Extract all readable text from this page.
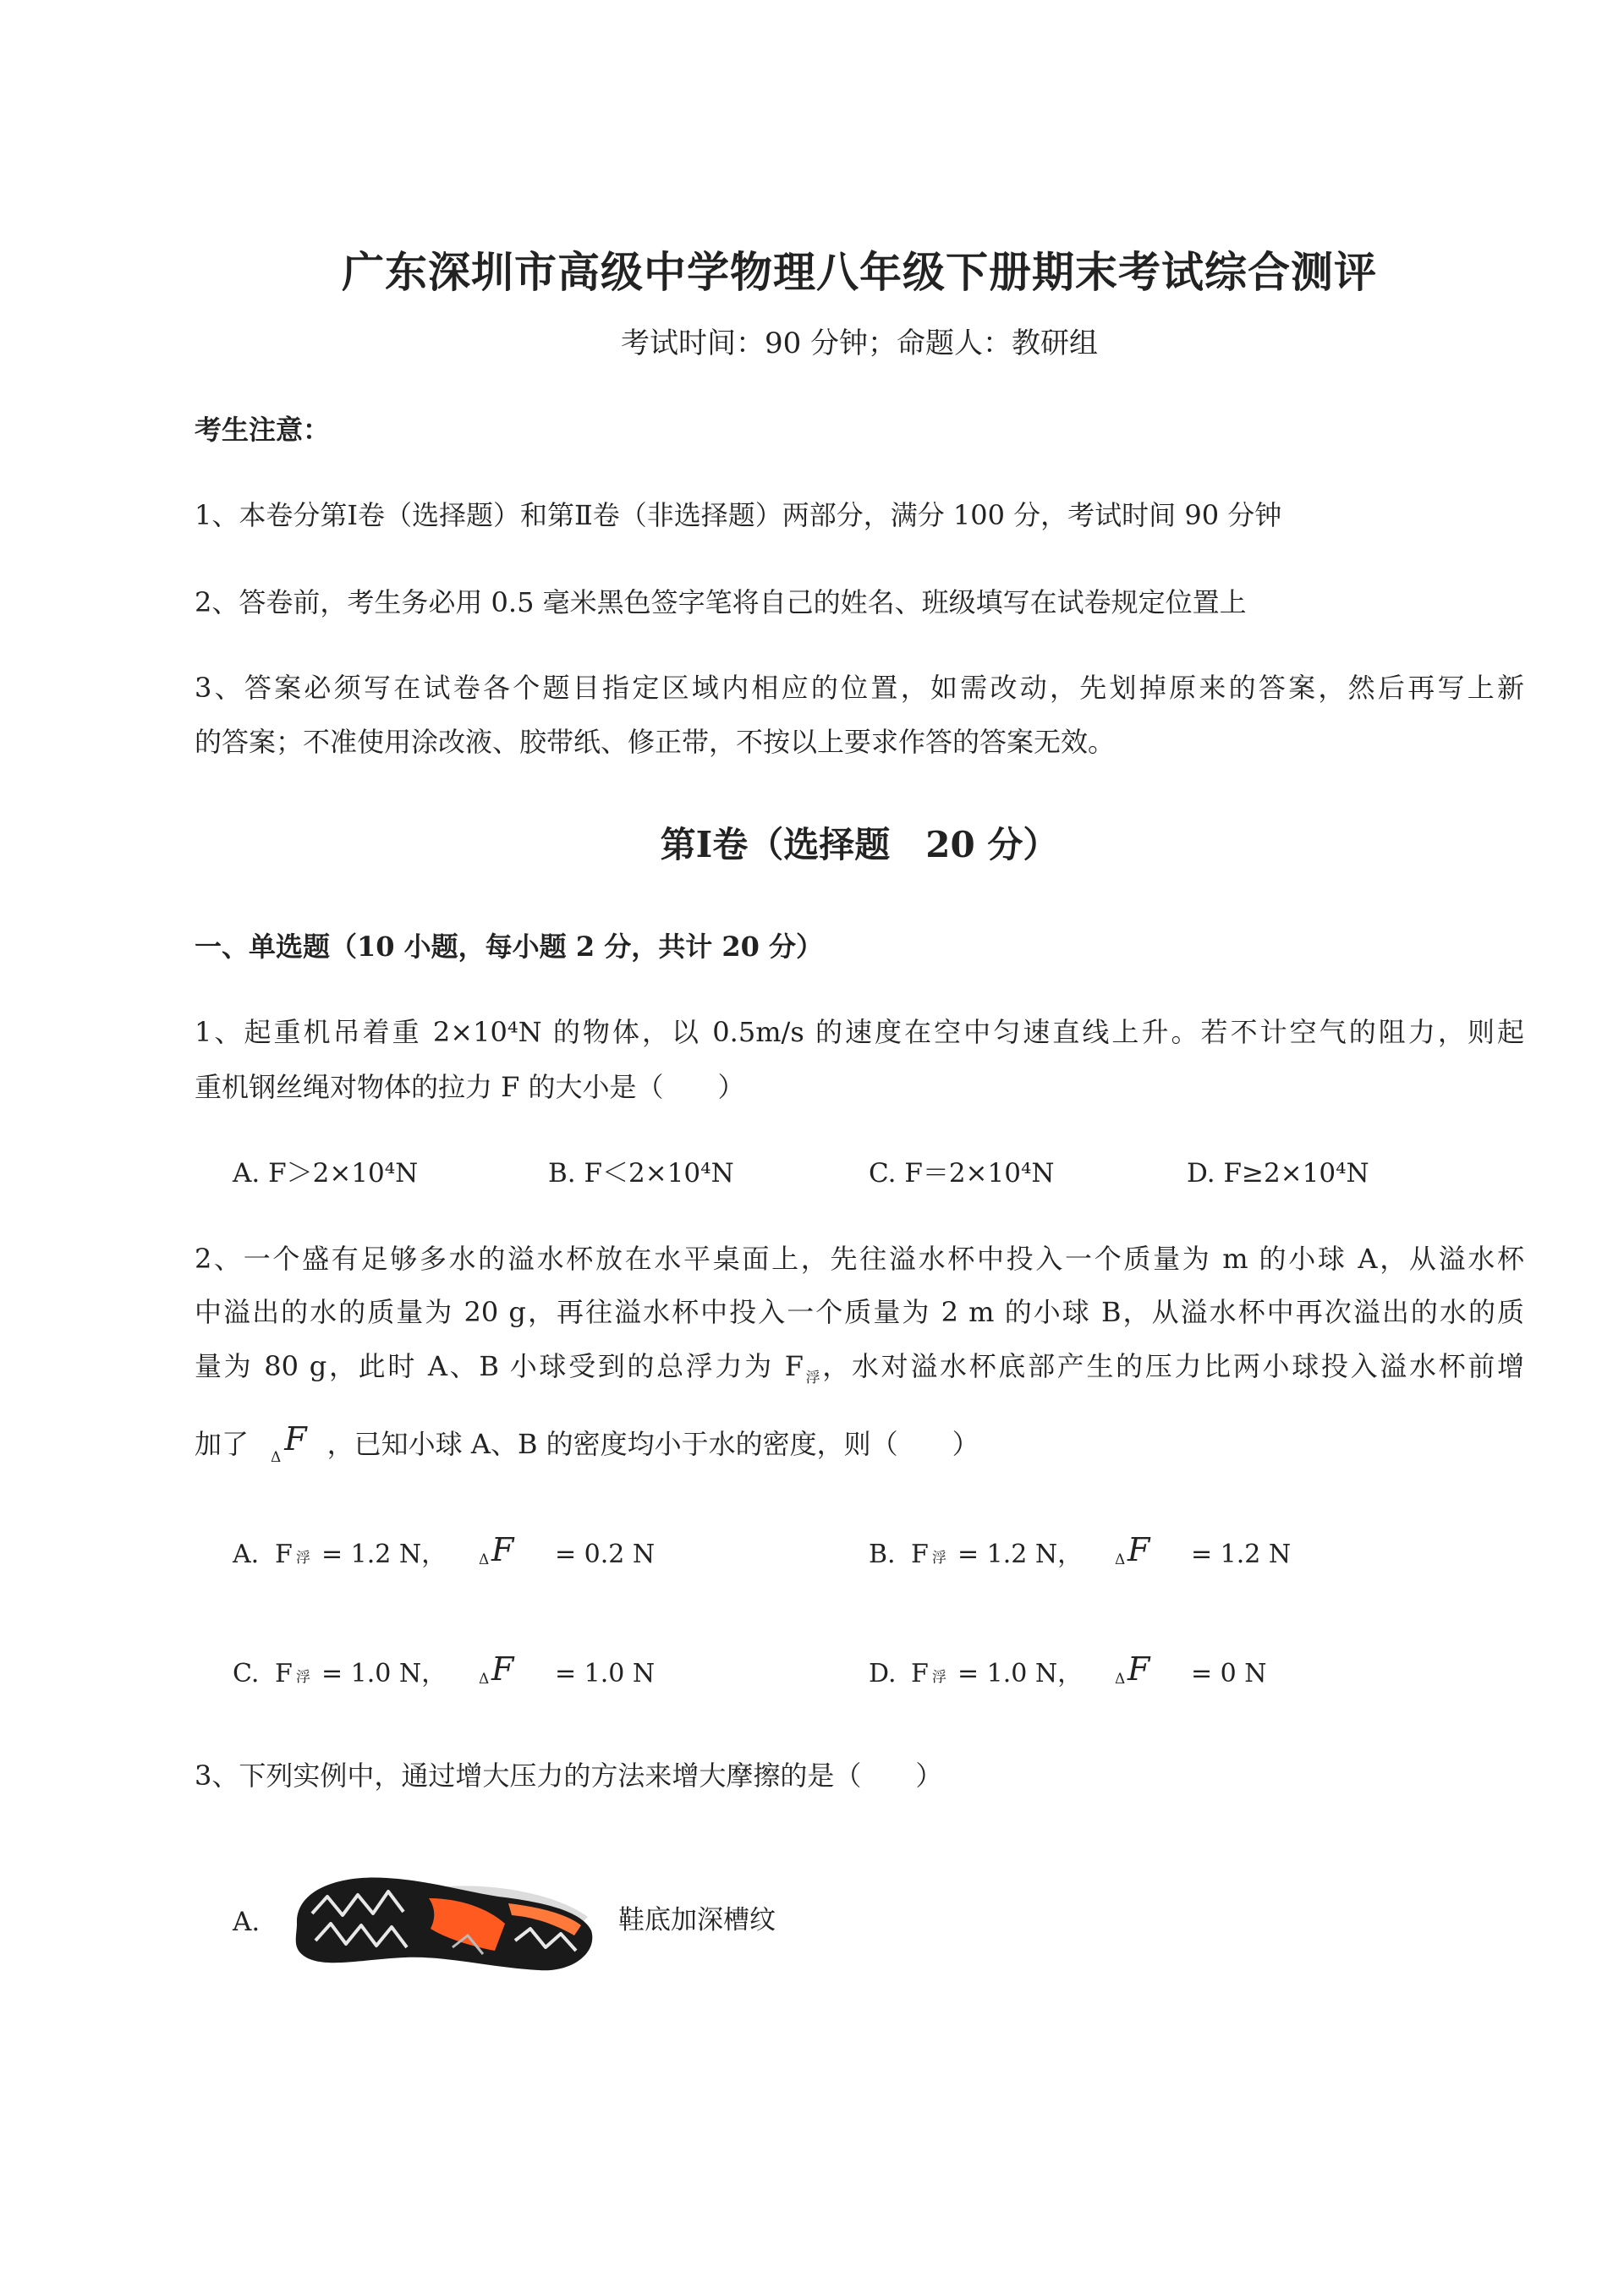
广东深圳市高级中学物理八年级下册期末考试综合测评
考试时间：90 分钟；命题人：教研组
考生注意：
1、本卷分第Ⅰ卷（选择题）和第Ⅱ卷（非选择题）两部分，满分 100 分，考试时间 90 分钟
2、答卷前，考生务必用 0.5 毫米黑色签字笔将自己的姓名、班级填写在试卷规定位置上
3、答案必须写在试卷各个题目指定区域内相应的位置，如需改动，先划掉原来的答案，然后再写上新
的答案；不准使用涂改液、胶带纸、修正带，不按以上要求作答的答案无效。
第Ⅰ卷（选择题　20 分）
一、单选题（10 小题，每小题 2 分，共计 20 分）
1、起重机吊着重 2×10⁴N 的物体，以 0.5m/s 的速度在空中匀速直线上升。若不计空气的阻力，则起
重机钢丝绳对物体的拉力 F 的大小是（　　）
A. F＞2×10⁴N	B. F＜2×10⁴N	C. F＝2×10⁴N	D. F≥2×10⁴N
2、一个盛有足够多水的溢水杯放在水平桌面上，先往溢水杯中投入一个质量为 m 的小球 A，从溢水杯
中溢出的水的质量为 20 g，再往溢水杯中投入一个质量为 2 m 的小球 B，从溢水杯中再次溢出的水的质
量为 80 g，此时 A、B 小球受到的总浮力为 $F_浮$，水对溢水杯底部产生的压力比两小球投入溢水杯前增
加了 $_\Delta$ F ，已知小球 A、B 的密度均小于水的密度，则（　　）
A. F 浮 = 1.2 N， Δ F = 0.2 N	B. F 浮 = 1.2 N， Δ F = 1.2 N
C. F 浮 = 1.0 N， Δ F = 1.0 N	D. F 浮 = 1.0 N， Δ F = 0 N
3、下列实例中，通过增大压力的方法来增大摩擦的是（　　）
A.	鞋底加深槽纹
